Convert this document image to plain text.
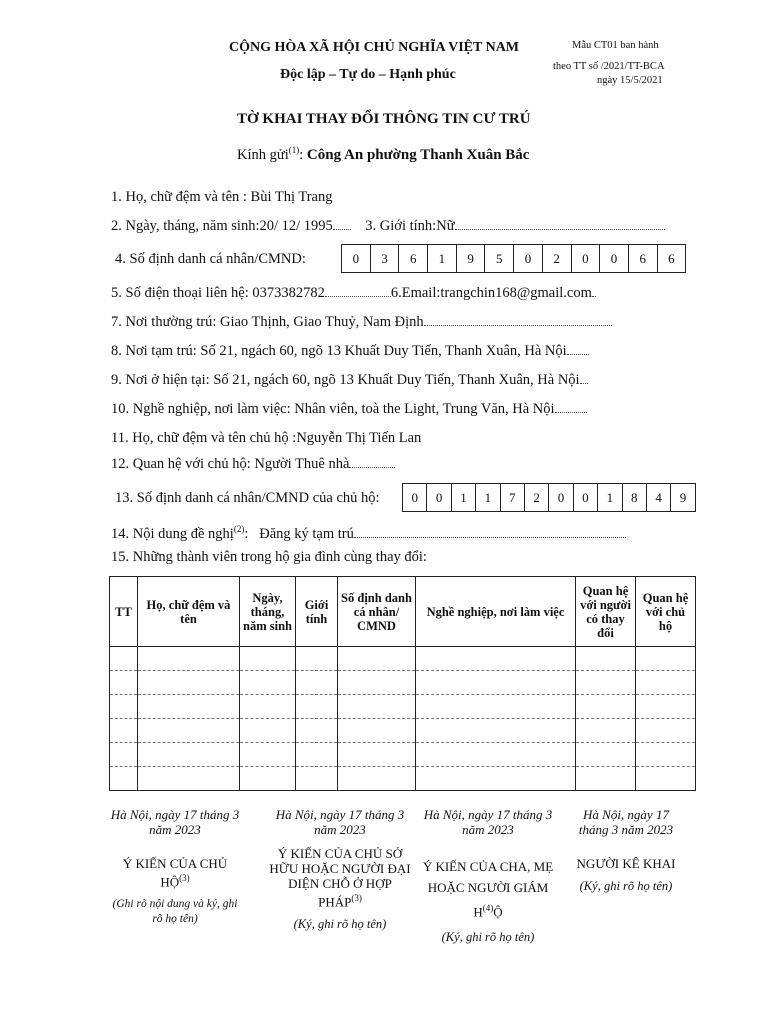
CỘNG HÒA XÃ HỘI CHỦ NGHĨA VIỆT NAM
Độc lập – Tự do – Hạnh phúc
Mẫu CT01 ban hành
theo TT số /2021/TT-BCA
ngày 15/5/2021
TỜ KHAI THAY ĐỔI THÔNG TIN CƯ TRÚ
Kính gửi$^{(1)}$: Công An phường Thanh Xuân Bắc
1. Họ, chữ đệm và tên : Bùi Thị Trang
2. Ngày, tháng, năm sinh:20/ 12/ 1995 3. Giới tính:Nữ
4. Số định danh cá nhân/CMND:	0	3	6	1	9	5	0	2	0	0	6	6
5. Số điện thoại liên hệ: 0373382782	6.Email:trangchin168@gmail.com
7. Nơi thường trú: Giao Thịnh, Giao Thuỷ, Nam Định
8. Nơi tạm trú: Số 21, ngách 60, ngõ 13 Khuất Duy Tiến, Thanh Xuân, Hà Nội
9. Nơi ở hiện tại: Số 21, ngách 60, ngõ 13 Khuất Duy Tiến, Thanh Xuân, Hà Nội
10. Nghề nghiệp, nơi làm việc: Nhân viên, toà the Light, Trung Văn, Hà Nội
11. Họ, chữ đệm và tên chủ hộ :Nguyễn Thị Tiến Lan
12. Quan hệ với chủ hộ: Người Thuê nhà
13. Số định danh cá nhân/CMND của chủ hộ:	0	0	1	1	7	2	0	0	1	8	4	9
14. Nội dung đề nghị$^{(2)}$: Đăng ký tạm trú
15. Những thành viên trong hộ gia đình cùng thay đổi:
TT	Họ, chữ đệm và tên	Ngày, tháng, năm sinh	Giới tính	Số định danh cá nhân/ CMND	Nghề nghiệp, nơi làm việc	Quan hệ với người có thay đổi	Quan hệ với chủ hộ

Hà Nội, ngày 17 tháng 3 năm 2023
Ý KIẾN CỦA CHỦ HỘ$^{(3)}$
(Ghi rõ nội dung và ký, ghi rõ họ tên)
Hà Nội, ngày 17 tháng 3 năm 2023
Ý KIẾN CỦA CHỦ SỞ HỮU HOẶC NGƯỜI ĐẠI DIỆN CHỖ Ở HỢP PHÁP$^{(3)}$
(Ký, ghi rõ họ tên)
Hà Nội, ngày 17 tháng 3 năm 2023
Ý KIẾN CỦA CHA, MẸ HOẶC NGƯỜI GIÁM $H^{(4)}Ộ$
(Ký, ghi rõ họ tên)
Hà Nội, ngày 17 tháng 3 năm 2023
NGƯỜI KÊ KHAI
(Ký, ghi rõ họ tên)
